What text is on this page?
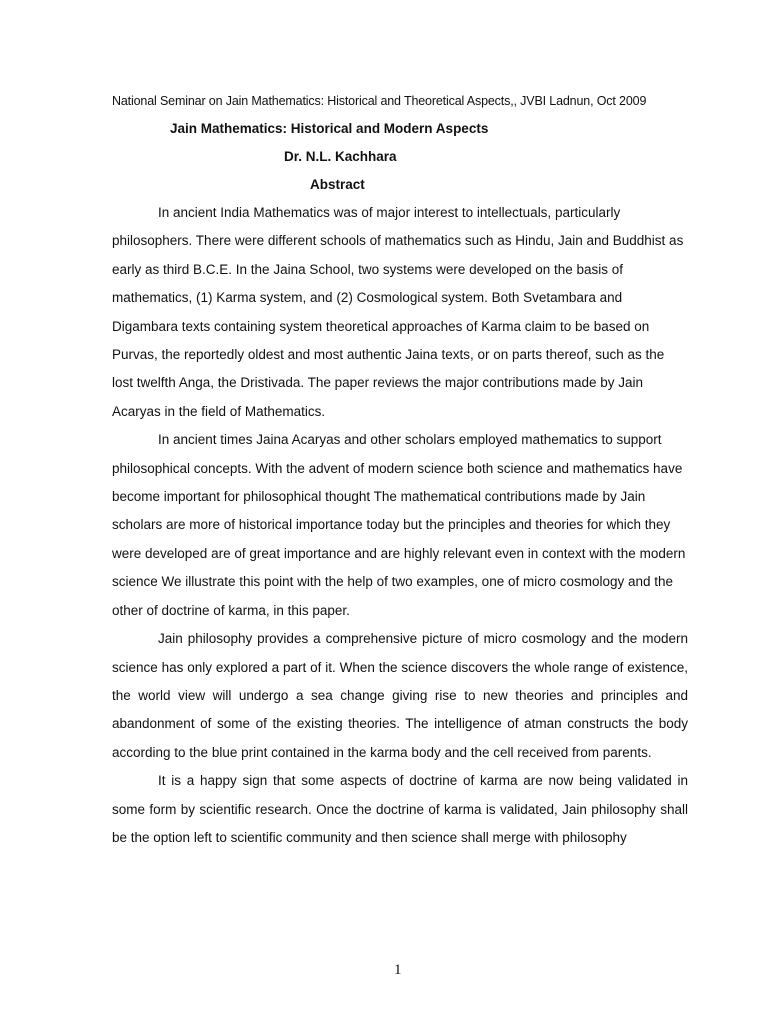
National Seminar on Jain Mathematics: Historical and Theoretical Aspects,, JVBI Ladnun, Oct 2009
Jain Mathematics: Historical and Modern Aspects
Dr. N.L. Kachhara
Abstract

In ancient India Mathematics was of major interest to intellectuals, particularly philosophers. There were different schools of mathematics such as Hindu, Jain and Buddhist as early as third B.C.E. In the Jaina School, two systems were developed on the basis of mathematics, (1) Karma system, and (2) Cosmological system. Both Svetambara and Digambara texts containing system theoretical approaches of Karma claim to be based on Purvas, the reportedly oldest and most authentic Jaina texts, or on parts thereof, such as the lost twelfth Anga, the Dristivada. The paper reviews the major contributions made by Jain Acaryas in the field of Mathematics.

In ancient times Jaina Acaryas and other scholars employed mathematics to support philosophical concepts. With the advent of modern science both science and mathematics have become important for philosophical thought The mathematical contributions made by Jain scholars are more of historical importance today but the principles and theories for which they were developed are of great importance and are highly relevant even in context with the modern science We illustrate this point with the help of two examples, one of micro cosmology and the other of doctrine of karma, in this paper.

Jain philosophy provides a comprehensive picture of micro cosmology and the modern science has only explored a part of it. When the science discovers the whole range of existence, the world view will undergo a sea change giving rise to new theories and principles and abandonment of some of the existing theories. The intelligence of atman constructs the body according to the blue print contained in the karma body and the cell received from parents.

It is a happy sign that some aspects of doctrine of karma are now being validated in some form by scientific research. Once the doctrine of karma is validated, Jain philosophy shall be the option left to scientific community and then science shall merge with philosophy

1
